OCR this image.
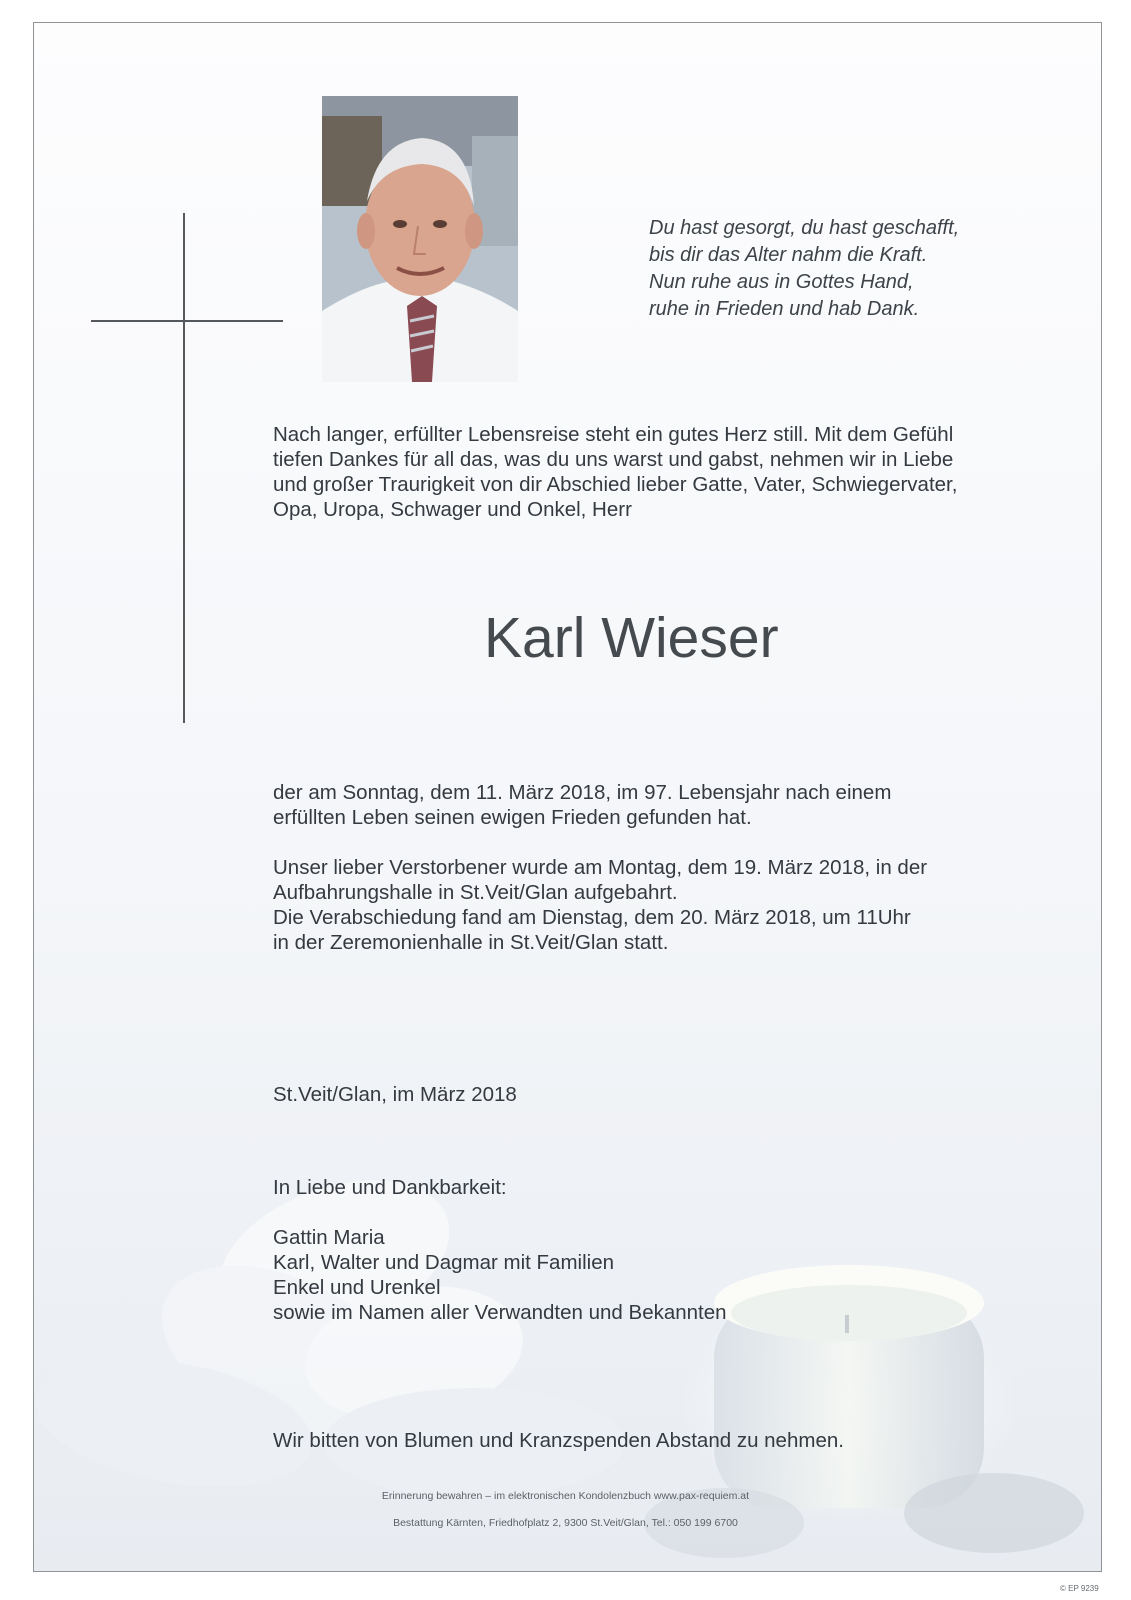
Du hast gesorgt, du hast geschafft,
bis dir das Alter nahm die Kraft.
Nun ruhe aus in Gottes Hand,
ruhe in Frieden und hab Dank.
Nach langer, erfüllter Lebensreise steht ein gutes Herz still. Mit dem Gefühl
tiefen Dankes für all das, was du uns warst und gabst, nehmen wir in Liebe
und großer Traurigkeit von dir Abschied lieber Gatte, Vater, Schwiegervater,
Opa, Uropa, Schwager und Onkel, Herr
Karl Wieser
der am Sonntag, dem 11. März 2018, im 97. Lebensjahr nach einem
erfüllten Leben seinen ewigen Frieden gefunden hat.
Unser lieber Verstorbener wurde am Montag, dem 19. März 2018, in der
Aufbahrungshalle in St.Veit/Glan aufgebahrt.
Die Verabschiedung fand am Dienstag, dem 20. März 2018, um 11Uhr
in der Zeremonienhalle in St.Veit/Glan statt.
St.Veit/Glan, im März 2018
In Liebe und Dankbarkeit:
Gattin Maria
Karl, Walter und Dagmar mit Familien
Enkel und Urenkel
sowie im Namen aller Verwandten und Bekannten
Wir bitten von Blumen und Kranzspenden Abstand zu nehmen.
Erinnerung bewahren – im elektronischen Kondolenzbuch www.pax-requiem.at
Bestattung Kärnten, Friedhofplatz 2, 9300 St.Veit/Glan, Tel.: 050 199 6700
© EP 9239
